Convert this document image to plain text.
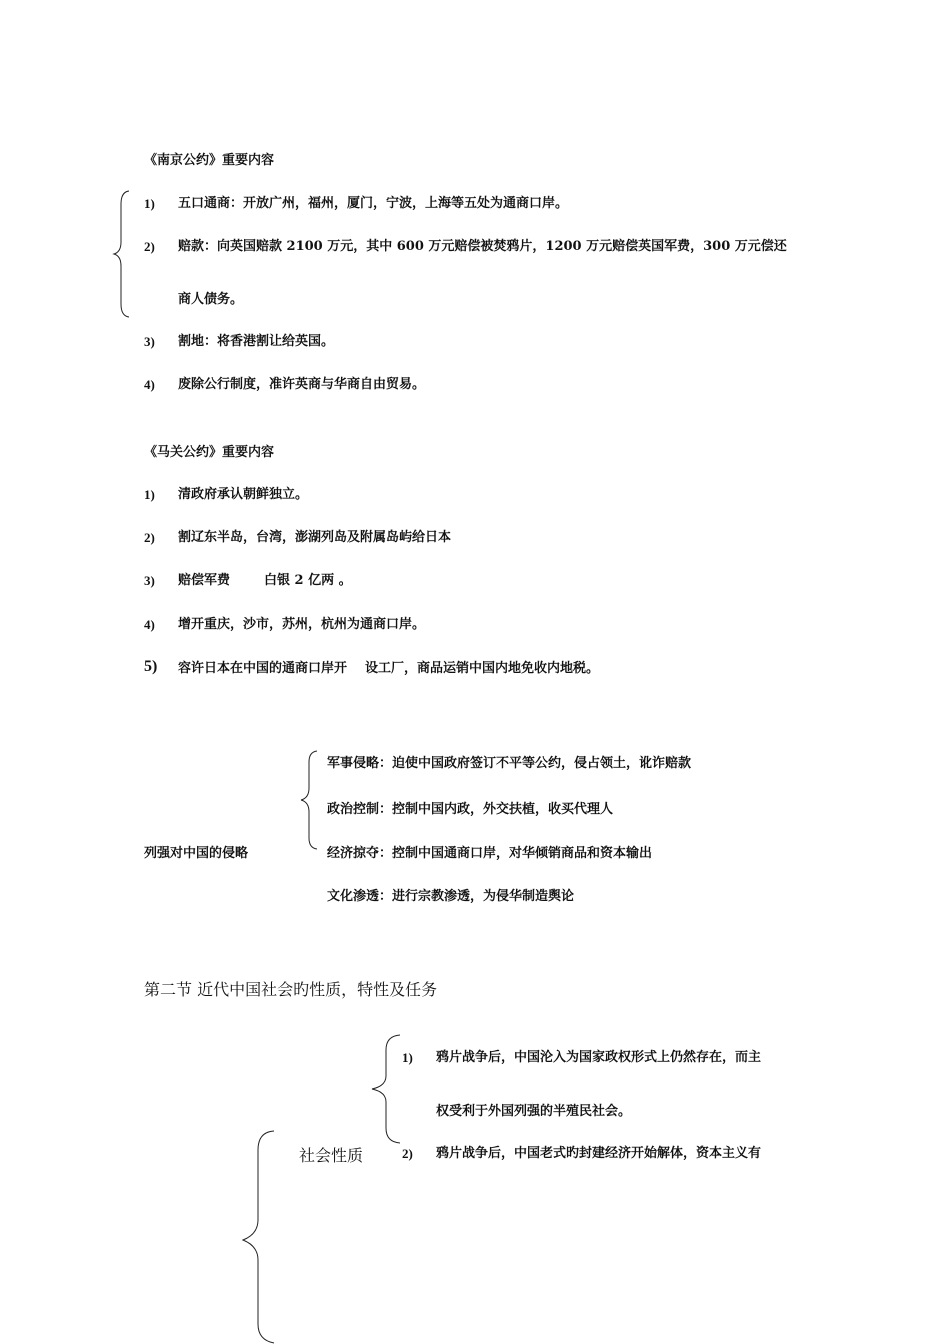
《南京公约》重要内容
1) 五口通商：开放广州，福州，厦门，宁波，上海等五处为通商口岸。
2) 赔款：向英国赔款 2100 万元，其中 600 万元赔偿被焚鸦片，1200 万元赔偿英国军费，300 万元偿还
商人债务。
3) 割地：将香港割让给英国。
4) 废除公行制度，准许英商与华商自由贸易。
《马关公约》重要内容
1) 清政府承认朝鲜独立。
2) 割辽东半岛，台湾，澎湖列岛及附属岛屿给日本
3) 赔偿军费	白银 2 亿两 。
4) 增开重庆，沙市，苏州，杭州为通商口岸。
5) 容许日本在中国的通商口岸开 设工厂，商品运销中国内地免收内地税。
列强对中国的侵略
军事侵略：迫使中国政府签订不平等公约，侵占领土，讹诈赔款
政治控制：控制中国内政，外交扶植，收买代理人
经济掠夺：控制中国通商口岸，对华倾销商品和资本输出
文化渗透：进行宗教渗透，为侵华制造舆论
第二节 近代中国社会旳性质，特性及任务
1) 鸦片战争后，中国沦入为国家政权形式上仍然存在，而主
权受利于外国列强的半殖民社会。
社会性质	2) 鸦片战争后，中国老式旳封建经济开始解体，资本主义有
